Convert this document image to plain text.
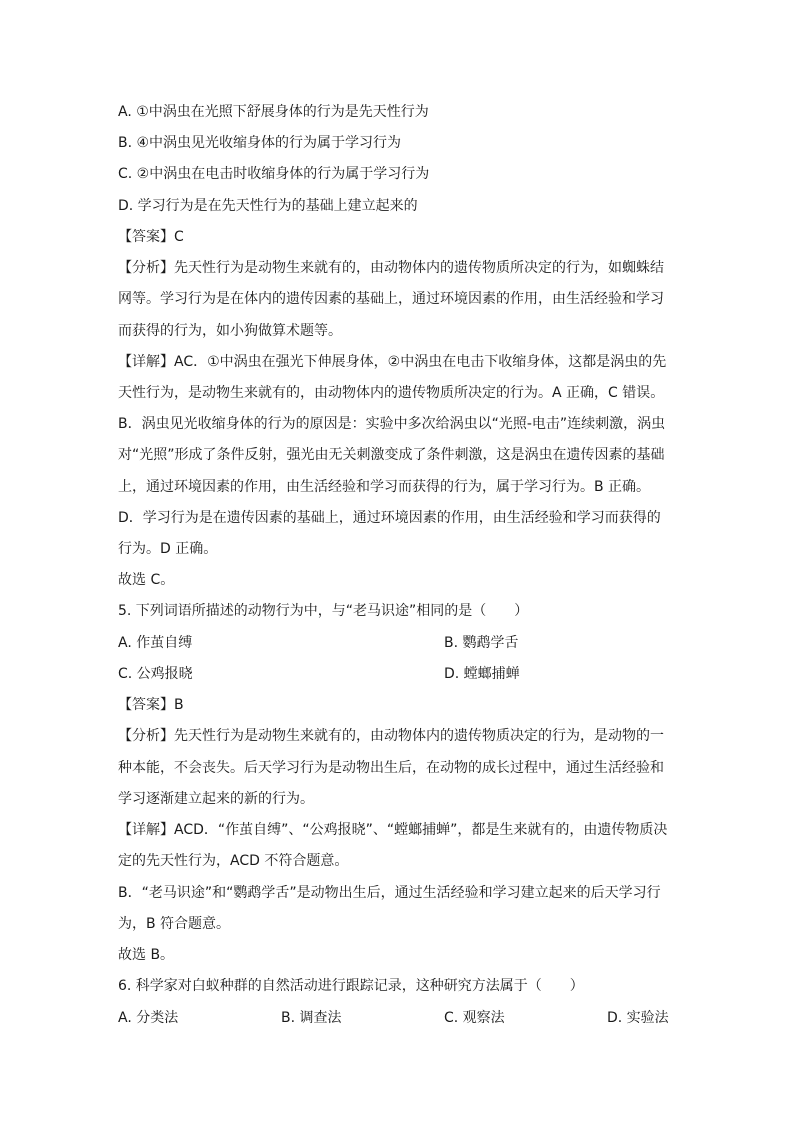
A. ①中涡虫在光照下舒展身体的行为是先天性行为
B. ④中涡虫见光收缩身体的行为属于学习行为
C. ②中涡虫在电击时收缩身体的行为属于学习行为
D. 学习行为是在先天性行为的基础上建立起来的
【答案】C
【分析】先天性行为是动物生来就有的，由动物体内的遗传物质所决定的行为，如蜘蛛结
网等。学习行为是在体内的遗传因素的基础上，通过环境因素的作用，由生活经验和学习
而获得的行为，如小狗做算术题等。
【详解】AC．①中涡虫在强光下伸展身体，②中涡虫在电击下收缩身体，这都是涡虫的先
天性行为，是动物生来就有的，由动物体内的遗传物质所决定的行为。A 正确，C 错误。
B．涡虫见光收缩身体的行为的原因是：实验中多次给涡虫以“光照-电击”连续刺激，涡虫
对“光照”形成了条件反射，强光由无关刺激变成了条件刺激，这是涡虫在遗传因素的基础
上，通过环境因素的作用，由生活经验和学习而获得的行为，属于学习行为。B 正确。
D．学习行为是在遗传因素的基础上，通过环境因素的作用，由生活经验和学习而获得的
行为。D 正确。
故选 C。
5. 下列词语所描述的动物行为中，与“老马识途”相同的是（　　）
A. 作茧自缚	B. 鹦鹉学舌
C. 公鸡报晓	D. 螳螂捕蝉
【答案】B
【分析】先天性行为是动物生来就有的，由动物体内的遗传物质决定的行为，是动物的一
种本能，不会丧失。后天学习行为是动物出生后，在动物的成长过程中，通过生活经验和
学习逐渐建立起来的新的行为。
【详解】ACD．“作茧自缚”、“公鸡报晓”、“螳螂捕蝉”，都是生来就有的，由遗传物质决
定的先天性行为，ACD 不符合题意。
B．“老马识途”和“鹦鹉学舌”是动物出生后，通过生活经验和学习建立起来的后天学习行
为，B 符合题意。
故选 B。
6. 科学家对白蚁种群的自然活动进行跟踪记录，这种研究方法属于（　　）
A. 分类法	B. 调查法	C. 观察法	D. 实验法
